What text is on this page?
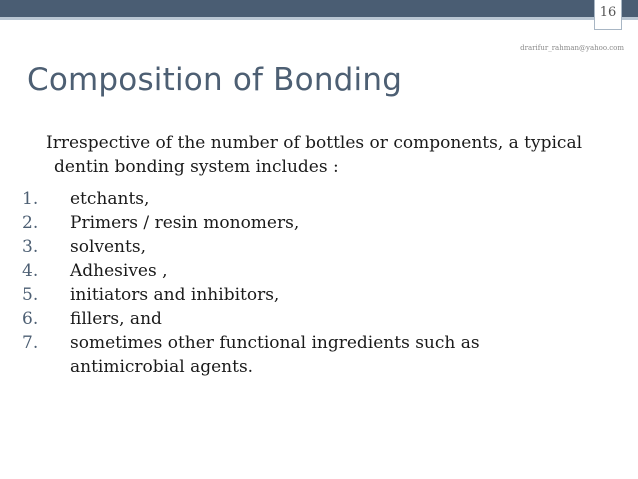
16
drarifur_rahman@yahoo.com
Composition of Bonding

Irrespective of the number of bottles or components, a typical dentin bonding system includes :

1. etchants,
2. Primers / resin monomers,
3. solvents,
4. Adhesives ,
5. initiators and inhibitors,
6. fillers, and
7. sometimes other functional ingredients such as antimicrobial agents.
